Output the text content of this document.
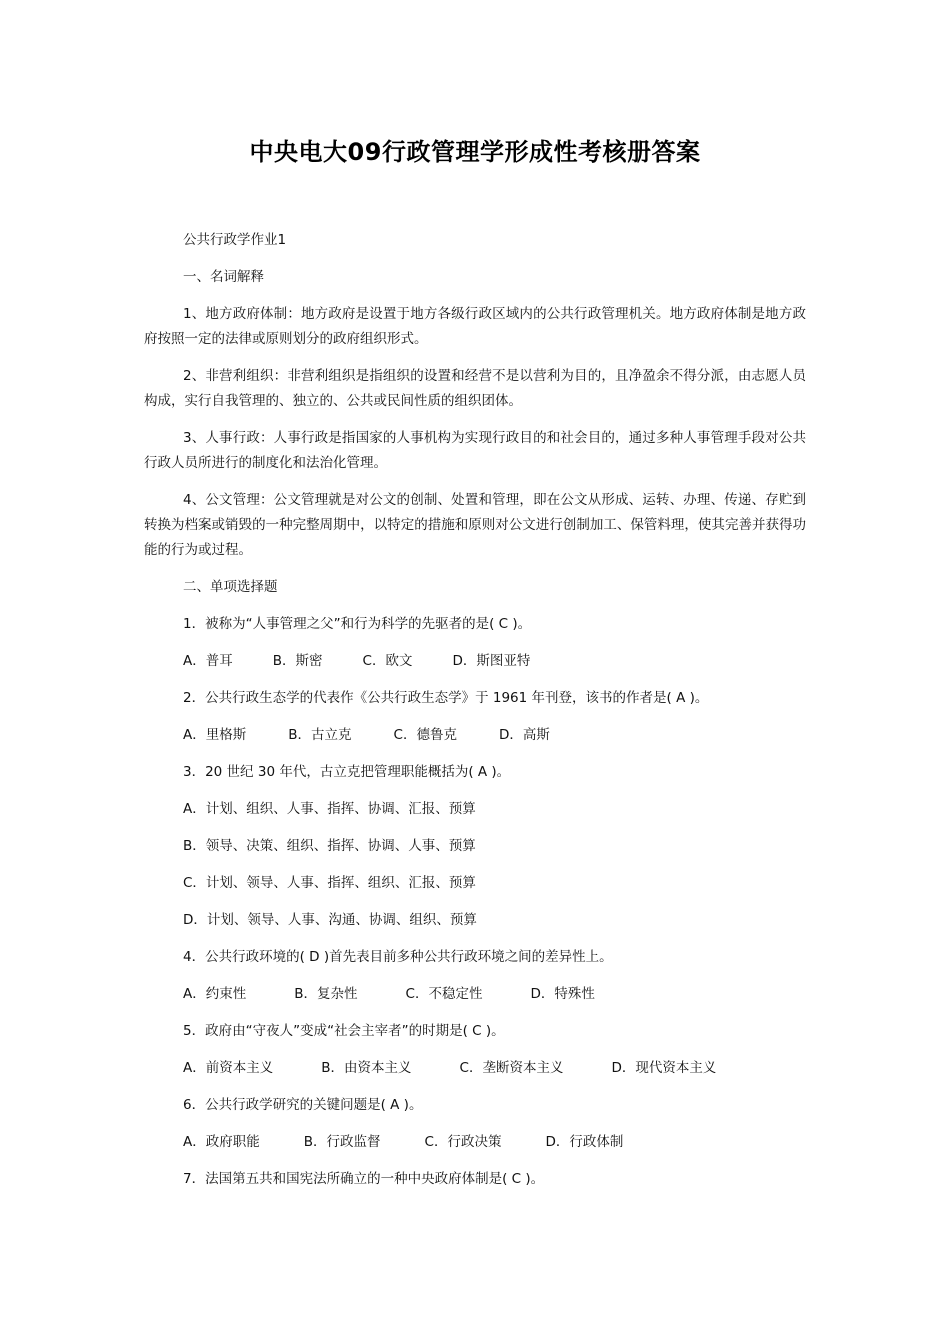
中央电大09行政管理学形成性考核册答案

公共行政学作业1

一、名词解释

1、地方政府体制：地方政府是设置于地方各级行政区域内的公共行政管理机关。地方政府体制是地方政府按照一定的法律或原则划分的政府组织形式。

2、非营利组织：非营利组织是指组织的设置和经营不是以营利为目的，且净盈余不得分派，由志愿人员构成，实行自我管理的、独立的、公共或民间性质的组织团体。

3、人事行政：人事行政是指国家的人事机构为实现行政目的和社会目的，通过多种人事管理手段对公共行政人员所进行的制度化和法治化管理。

4、公文管理：公文管理就是对公文的创制、处置和管理，即在公文从形成、运转、办理、传递、存贮到转换为档案或销毁的一种完整周期中，以特定的措施和原则对公文进行创制加工、保管料理，使其完善并获得功能的行为或过程。

二、单项选择题

1．被称为“人事管理之父”和行为科学的先驱者的是( C )。

A．普耳	B．斯密	C．欧文	D．斯图亚特

2．公共行政生态学的代表作《公共行政生态学》于 1961 年刊登，该书的作者是( A )。

A．里格斯	B．古立克	C．德鲁克	D．高斯

3．20 世纪 30 年代，古立克把管理职能概括为( A )。

A．计划、组织、人事、指挥、协调、汇报、预算

B．领导、决策、组织、指挥、协调、人事、预算

C．计划、领导、人事、指挥、组织、汇报、预算

D．计划、领导、人事、沟通、协调、组织、预算

4．公共行政环境的( D )首先表目前多种公共行政环境之间的差异性上。

A．约束性	B．复杂性	C．不稳定性	D．特殊性

5．政府由“守夜人”变成“社会主宰者”的时期是( C )。

A．前资本主义	B．由资本主义	C．垄断资本主义	D．现代资本主义

6．公共行政学研究的关键问题是( A )。

A．政府职能	B．行政监督	C．行政决策	D．行政体制

7．法国第五共和国宪法所确立的一种中央政府体制是( C )。
